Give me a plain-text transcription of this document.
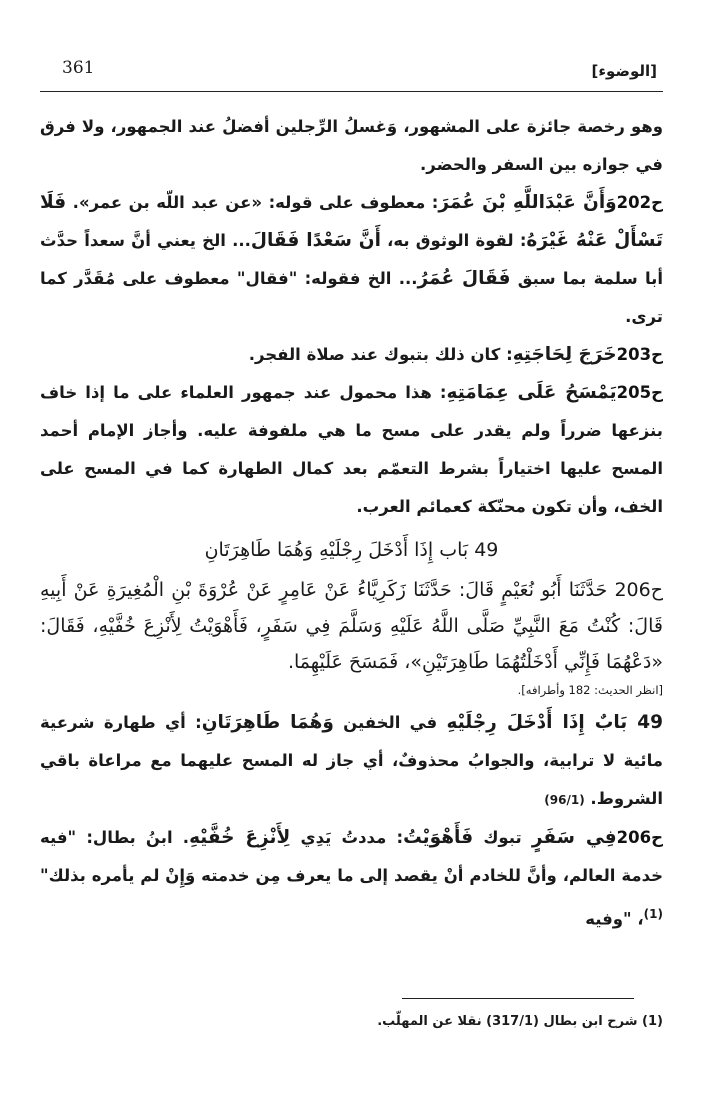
361	[الوضوء]

وهو رخصة جائزة على المشهور، وَغسلُ الرِّجلين أفضلُ عند الجمهور، ولا فرق في جوازه بين السفر والحضر.

ح202وَأَنَّ عَبْدَاللَّهِ بْنَ عُمَرَ: معطوف على قوله: «عن عبد اللّه بن عمر». فَلَا تَسْأَلْ عَنْهُ غَيْرَهُ: لقوة الوثوق به، أَنَّ سَعْدًا فَقَالَ... الخ يعني أنَّ سعداً حدَّث أبا سلمة بما سبق فَقَالَ عُمَرُ... الخ فقوله: "فقال" معطوف على مُقَدَّر كما ترى.

ح203خَرَجَ لِحَاجَتِهِ: كان ذلك بتبوك عند صلاة الفجر.

ح205يَمْسَحُ عَلَى عِمَامَتِهِ: هذا محمول عند جمهور العلماء على ما إذا خاف بنزعها ضرراً ولم يقدر على مسح ما هي ملفوفة عليه. وأجاز الإمام أحمد المسح عليها اختياراً بشرط التعمّم بعد كمال الطهارة كما في المسح على الخف، وأن تكون محنّكة كعمائم العرب.

49 بَاب إِذَا أَدْخَلَ رِجْلَيْهِ وَهُمَا طَاهِرَتَانِ

ح206 حَدَّثَنَا أَبُو نُعَيْمٍ قَالَ: حَدَّثَنَا زَكَرِيَّاءُ عَنْ عَامِرٍ عَنْ عُرْوَةَ بْنِ الْمُغِيرَةِ عَنْ أَبِيهِ قَالَ: كُنْتُ مَعَ النَّبِيِّ صَلَّى اللَّهُ عَلَيْهِ وَسَلَّمَ فِي سَفَرٍ، فَأَهْوَيْتُ لِأَنْزِعَ خُفَّيْهِ، فَقَالَ: «دَعْهُمَا فَإِنِّي أَدْخَلْتُهُمَا طَاهِرَتَيْنِ»، فَمَسَحَ عَلَيْهِمَا.

[انظر الحديث: 182 وأطرافه].

49 بَابٌ إِذَا أَدْخَلَ رِجْلَيْهِ في الخفين وَهُمَا طَاهِرَتَانِ: أي طهارة شرعية مائية لا ترابية، والجوابُ محذوفٌ، أي جاز له المسح عليهما مع مراعاة باقي الشروط. (96/1)

ح206فِي سَفَرٍ تبوك فَأَهْوَيْتُ: مددتُ يَدِي لِأَنْزِعَ خُفَّيْهِ. ابنُ بطال: "فيه خدمة العالم، وأنَّ للخادم أنْ يقصد إلى ما يعرف مِن خدمته وَإِنْ لم يأمره بذلك"$^{(1)}$، "وفيه

(1) شرح ابن بطال (317/1) نقلا عن المهلّب.
